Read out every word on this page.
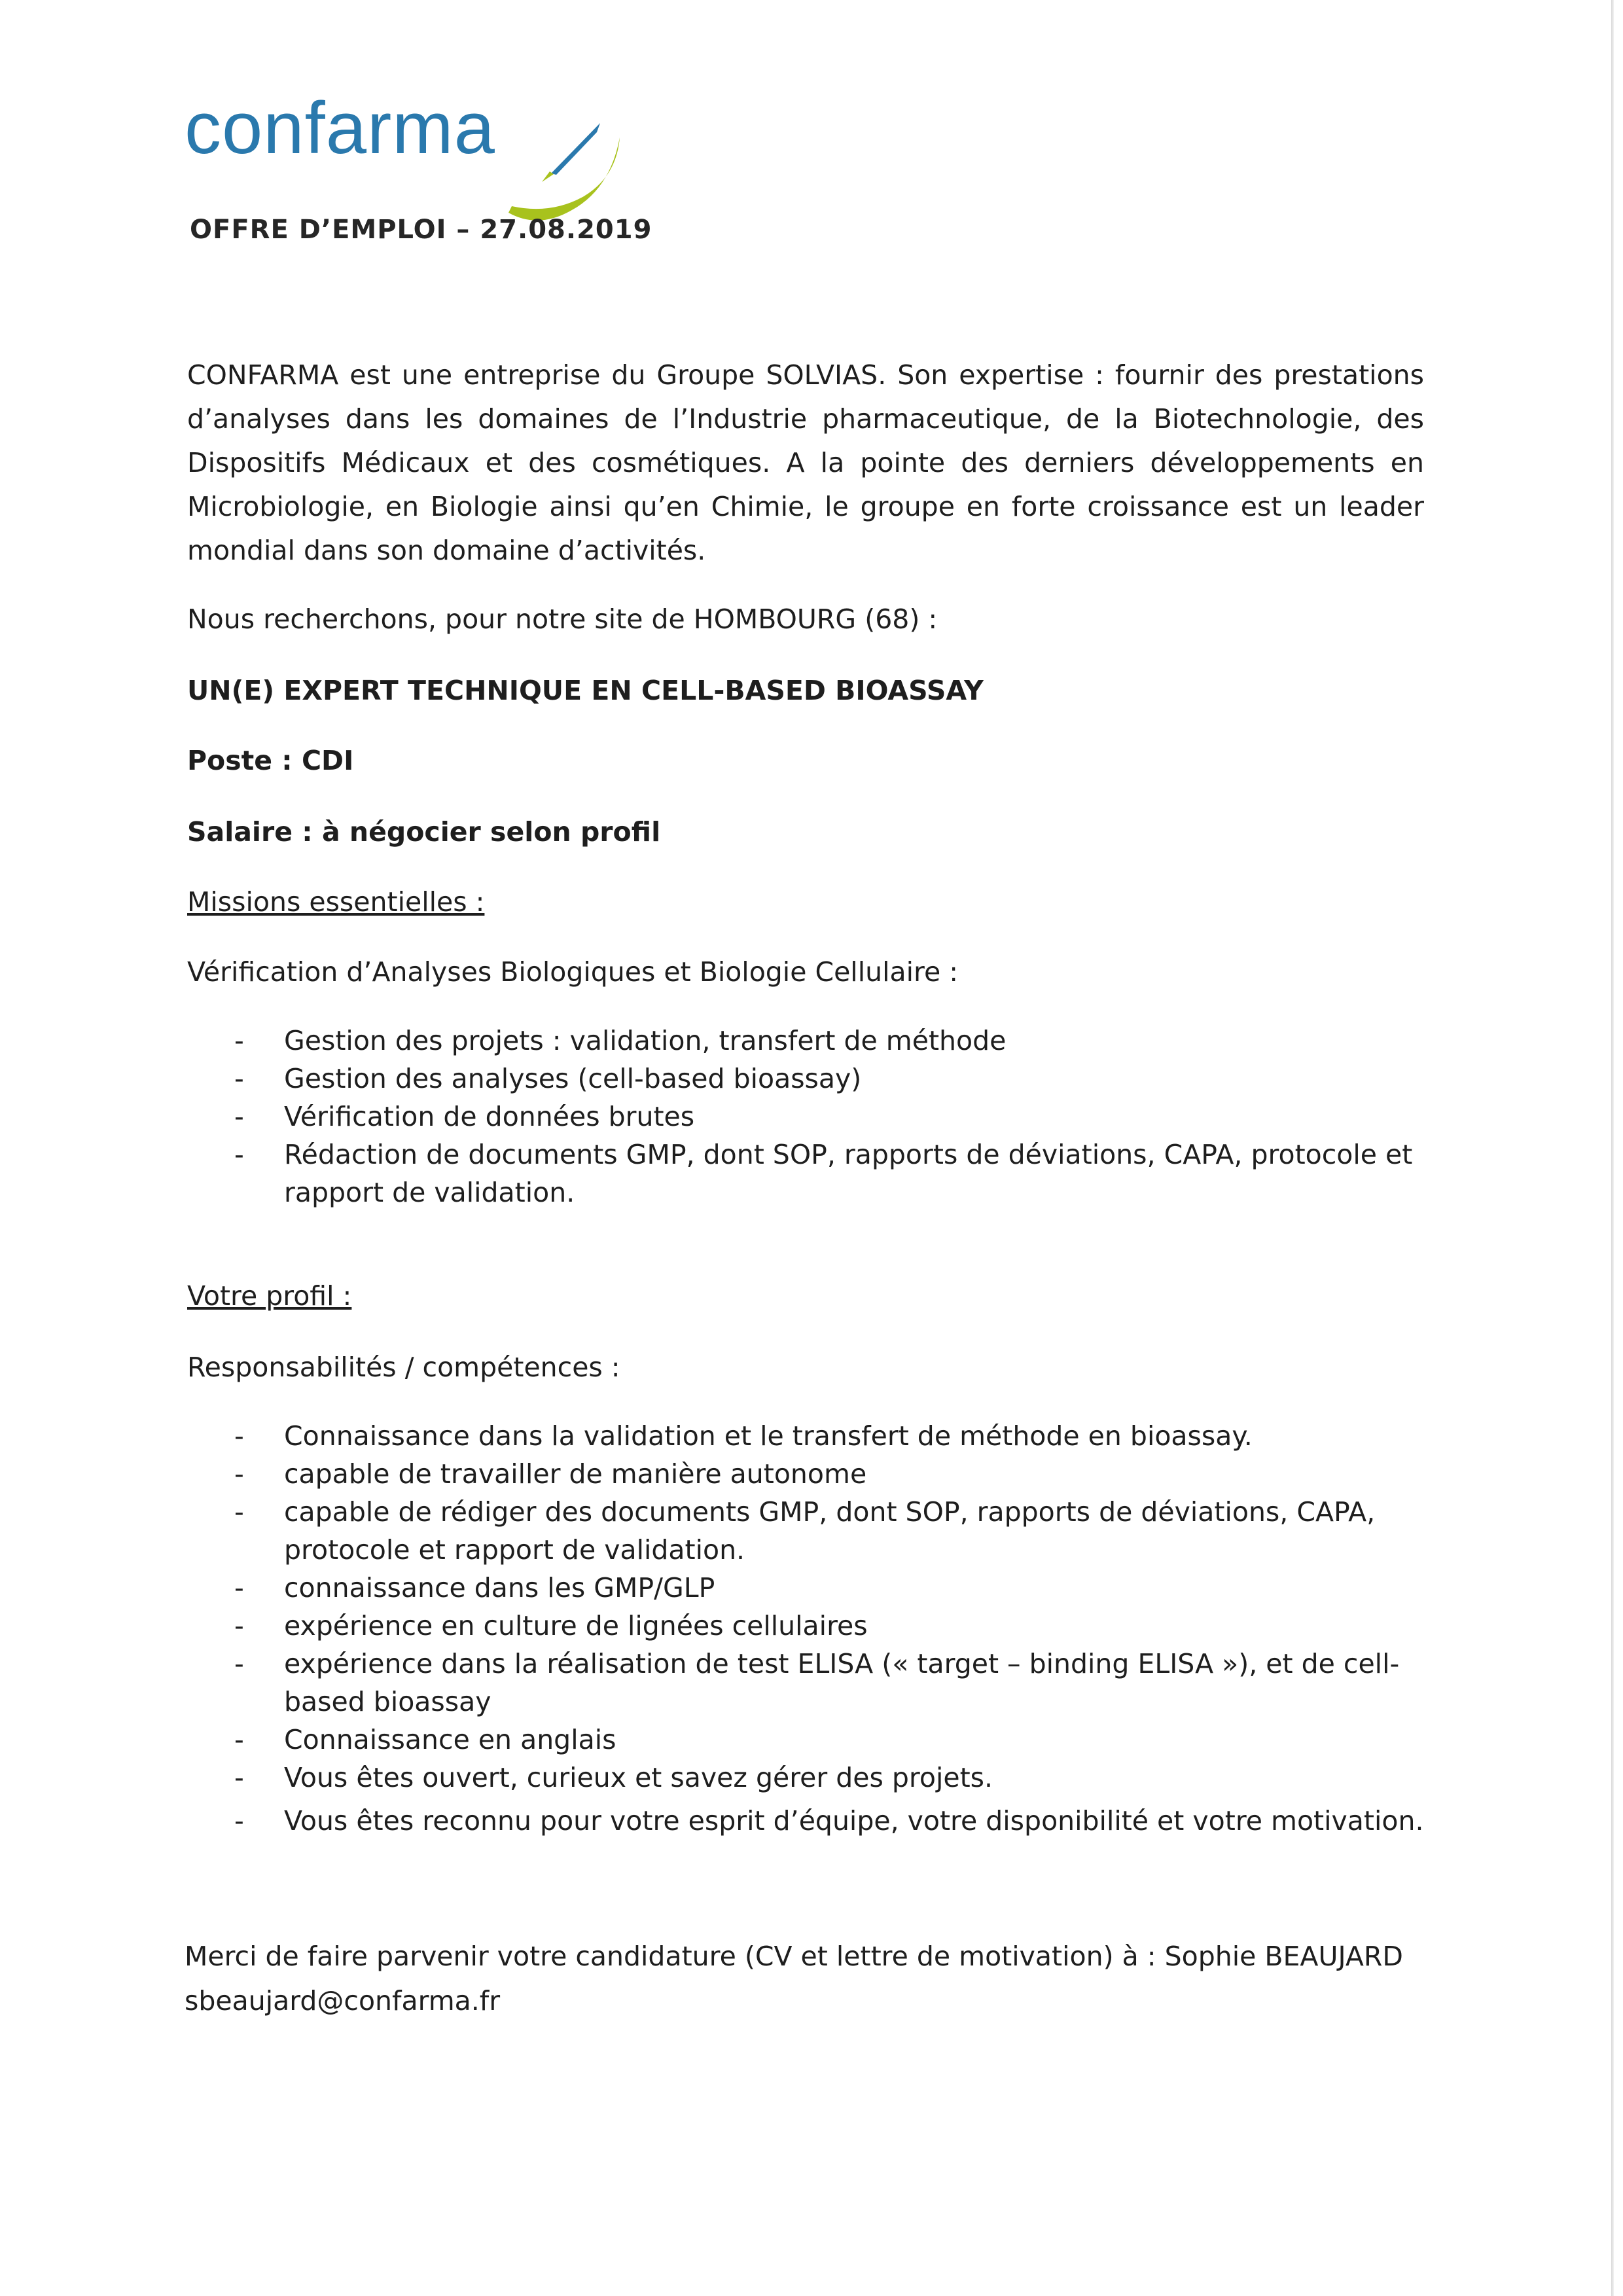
confarma
OFFRE D’EMPLOI – 27.08.2019

CONFARMA est une entreprise du Groupe SOLVIAS. Son expertise : fournir des prestations d’analyses dans les domaines de l’Industrie pharmaceutique, de la Biotechnologie, des Dispositifs Médicaux et des cosmétiques. A la pointe des derniers développements en Microbiologie, en Biologie ainsi qu’en Chimie, le groupe en forte croissance est un leader mondial dans son domaine d’activités.

Nous recherchons, pour notre site de HOMBOURG (68) :

UN(E) EXPERT TECHNIQUE EN CELL-BASED BIOASSAY

Poste : CDI

Salaire : à négocier selon profil

Missions essentielles :

Vérification d’Analyses Biologiques et Biologie Cellulaire :

- Gestion des projets : validation, transfert de méthode
- Gestion des analyses (cell-based bioassay)
- Vérification de données brutes
- Rédaction de documents GMP, dont SOP, rapports de déviations, CAPA, protocole et rapport de validation.

Votre profil :

Responsabilités / compétences :

- Connaissance dans la validation et le transfert de méthode en bioassay.
- capable de travailler de manière autonome
- capable de rédiger des documents GMP, dont SOP, rapports de déviations, CAPA, protocole et rapport de validation.
- connaissance dans les GMP/GLP
- expérience en culture de lignées cellulaires
- expérience dans la réalisation de test ELISA (« target – binding ELISA »), et de cell-based bioassay
- Connaissance en anglais
- Vous êtes ouvert, curieux et savez gérer des projets.
- Vous êtes reconnu pour votre esprit d’équipe, votre disponibilité et votre motivation.
Merci de faire parvenir votre candidature (CV et lettre de motivation) à : Sophie BEAUJARD
sbeaujard@confarma.fr
